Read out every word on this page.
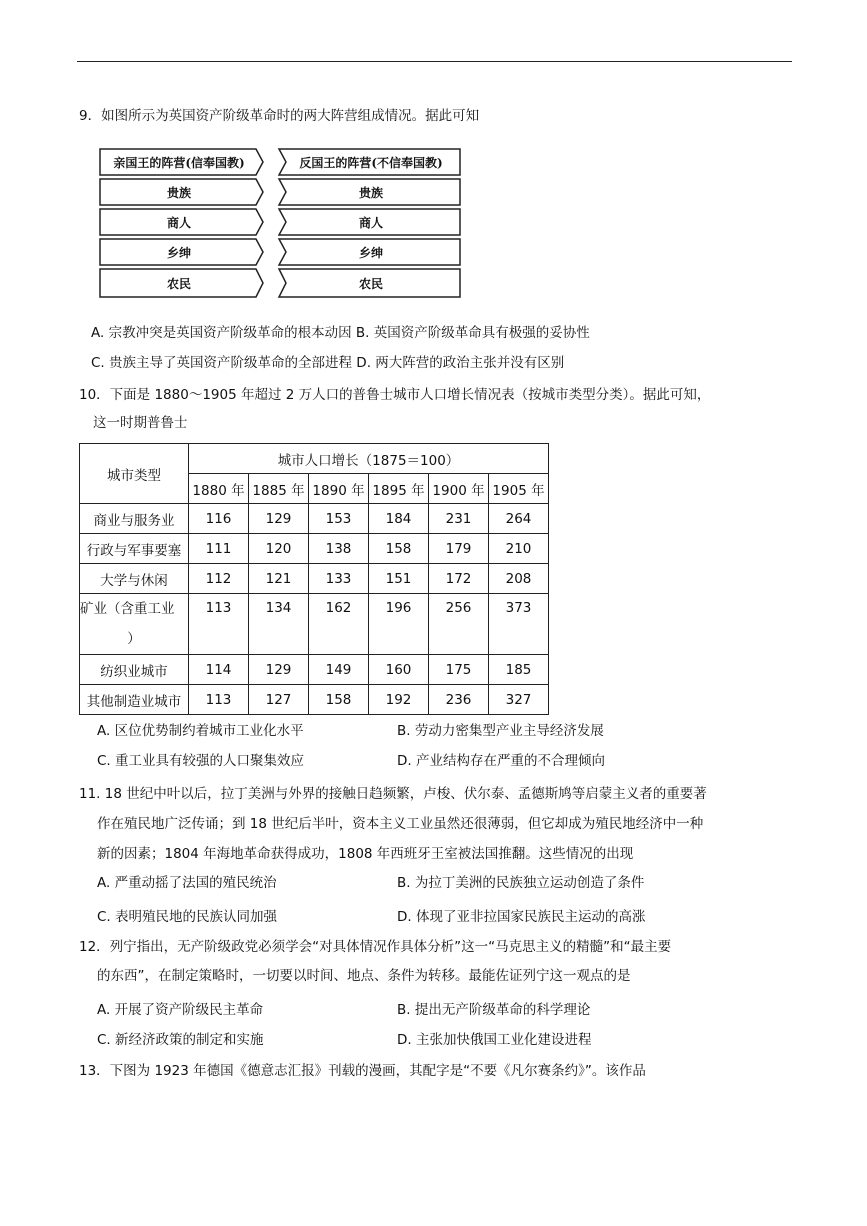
9．如图所示为英国资产阶级革命时的两大阵营组成情况。据此可知
亲国王的阵营(信奉国教)	反国王的阵营(不信奉国教)
贵族
商人
乡绅
农民
贵族
商人
乡绅
农民
A. 宗教冲突是英国资产阶级革命的根本动因 B. 英国资产阶级革命具有极强的妥协性
C. 贵族主导了英国资产阶级革命的全部进程 D. 两大阵营的政治主张并没有区别
10．下面是 1880～1905 年超过 2 万人口的普鲁士城市人口增长情况表（按城市类型分类）。据此可知，
这一时期普鲁士
城市类型	城市人口增长（1875＝100）					
	1880 年	1885 年	1890 年	1895 年	1900 年	1905 年
商业与服务业	116	129	153	184	231	264
行政与军事要塞	111	120	138	158	179	210
大学与休闲	112	121	133	151	172	208

矿业（含重工业
）	113	134	162	196	256	373
纺织业城市	114	129	149	160	175	185
其他制造业城市	113	127	158	192	236	327
A. 区位优势制约着城市工业化水平	B. 劳动力密集型产业主导经济发展
C. 重工业具有较强的人口聚集效应	D. 产业结构存在严重的不合理倾向
11. 18 世纪中叶以后，拉丁美洲与外界的接触日趋频繁，卢梭、伏尔泰、孟德斯鸠等启蒙主义者的重要著
作在殖民地广泛传诵；到 18 世纪后半叶，资本主义工业虽然还很薄弱，但它却成为殖民地经济中一种
新的因素；1804 年海地革命获得成功，1808 年西班牙王室被法国推翻。这些情况的出现
A. 严重动摇了法国的殖民统治	B. 为拉丁美洲的民族独立运动创造了条件
C. 表明殖民地的民族认同加强	D. 体现了亚非拉国家民族民主运动的高涨
12．列宁指出，无产阶级政党必须学会“对具体情况作具体分析”这一“马克思主义的精髓”和“最主要
的东西”，在制定策略时，一切要以时间、地点、条件为转移。最能佐证列宁这一观点的是
A. 开展了资产阶级民主革命	B. 提出无产阶级革命的科学理论
C. 新经济政策的制定和实施	D. 主张加快俄国工业化建设进程
13．下图为 1923 年德国《德意志汇报》刊载的漫画，其配字是“不要《凡尔赛条约》”。该作品
